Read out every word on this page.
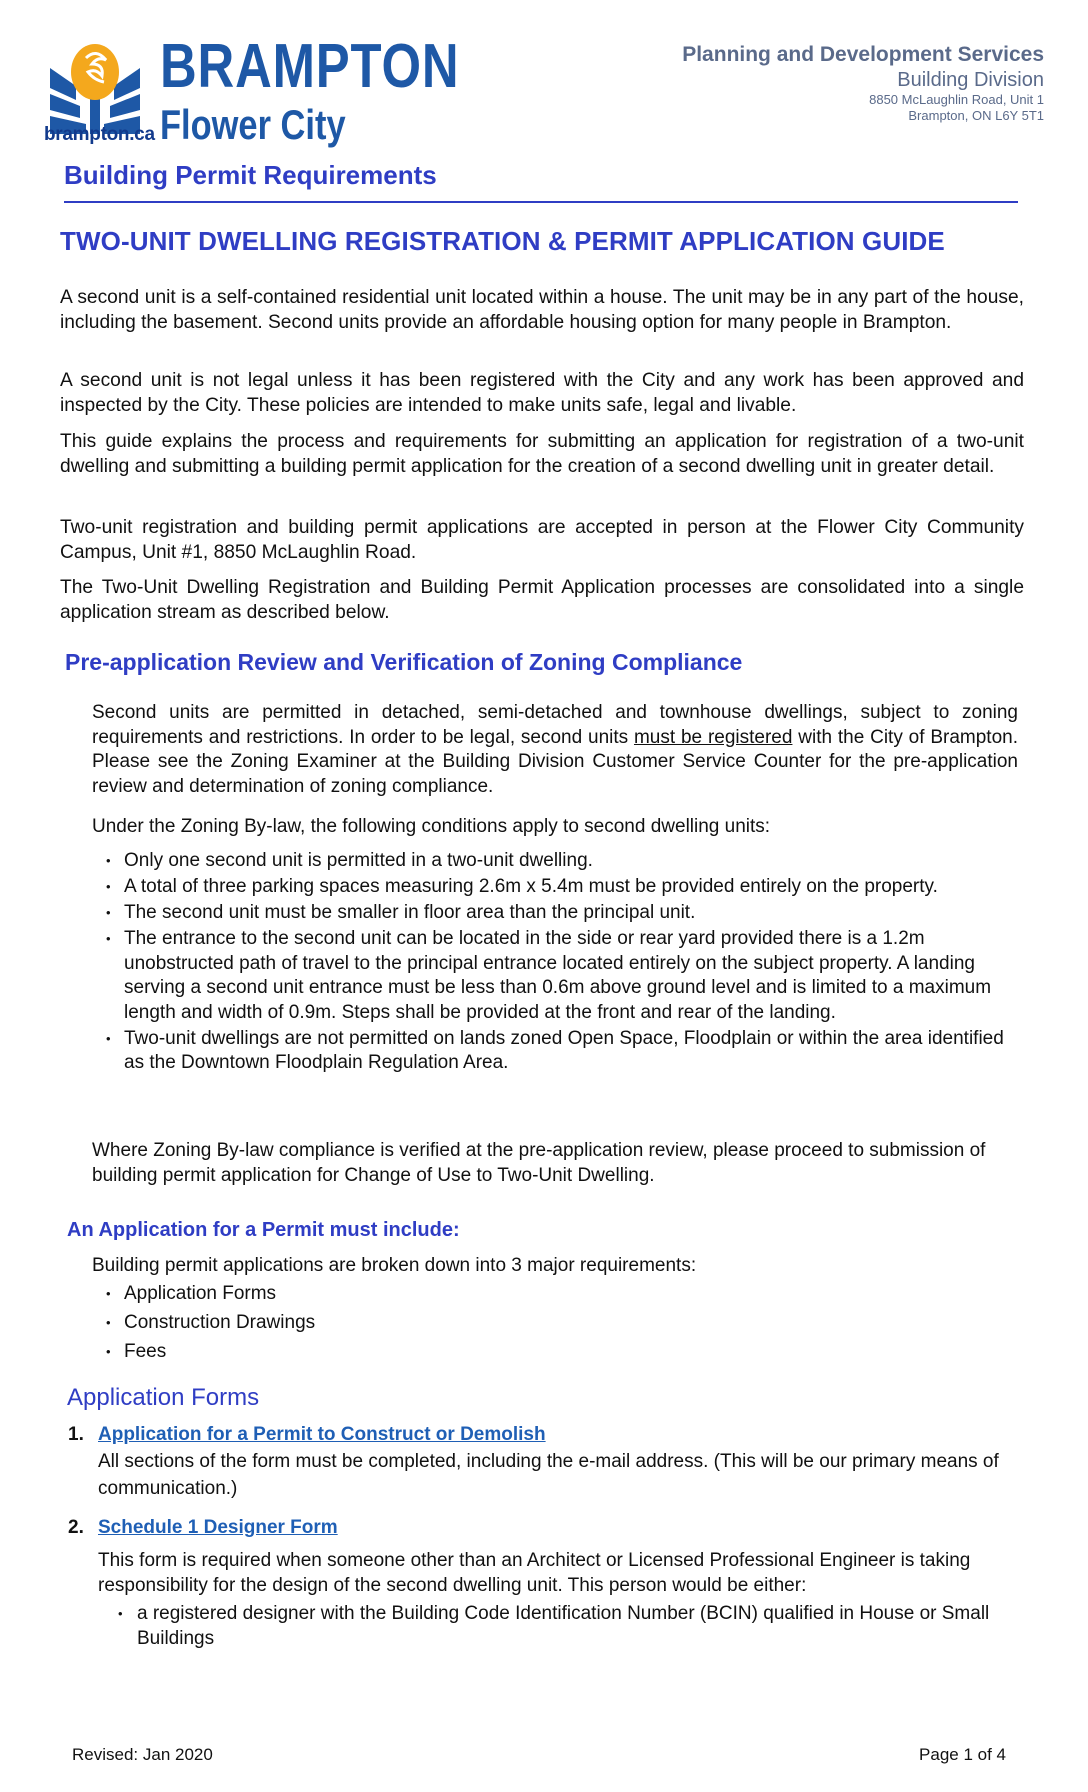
brampton.ca
BRAMPTON
Flower City
Planning and Development Services
Building Division
8850 McLaughlin Road, Unit 1
Brampton, ON L6Y 5T1
Building Permit Requirements
TWO-UNIT DWELLING REGISTRATION & PERMIT APPLICATION GUIDE

A second unit is a self-contained residential unit located within a house. The unit may be in any part of the house, including the basement. Second units provide an affordable housing option for many people in Brampton.

A second unit is not legal unless it has been registered with the City and any work has been approved and inspected by the City. These policies are intended to make units safe, legal and livable.

This guide explains the process and requirements for submitting an application for registration of a two-unit dwelling and submitting a building permit application for the creation of a second dwelling unit in greater detail.

Two-unit registration and building permit applications are accepted in person at the Flower City Community Campus, Unit #1, 8850 McLaughlin Road.

The Two-Unit Dwelling Registration and Building Permit Application processes are consolidated into a single application stream as described below.

Pre-application Review and Verification of Zoning Compliance

Second units are permitted in detached, semi-detached and townhouse dwellings, subject to zoning requirements and restrictions. In order to be legal, second units must be registered with the City of Brampton. Please see the Zoning Examiner at the Building Division Customer Service Counter for the pre-application review and determination of zoning compliance.

Under the Zoning By-law, the following conditions apply to second dwelling units:

• Only one second unit is permitted in a two-unit dwelling.
• A total of three parking spaces measuring 2.6m x 5.4m must be provided entirely on the property.
• The second unit must be smaller in floor area than the principal unit.
• The entrance to the second unit can be located in the side or rear yard provided there is a 1.2m unobstructed path of travel to the principal entrance located entirely on the subject property. A landing serving a second unit entrance must be less than 0.6m above ground level and is limited to a maximum length and width of 0.9m. Steps shall be provided at the front and rear of the landing.
• Two-unit dwellings are not permitted on lands zoned Open Space, Floodplain or within the area identified as the Downtown Floodplain Regulation Area.

Where Zoning By-law compliance is verified at the pre-application review, please proceed to submission of building permit application for Change of Use to Two-Unit Dwelling.

An Application for a Permit must include:
Building permit applications are broken down into 3 major requirements:
• Application Forms
• Construction Drawings
• Fees
Application Forms
1. Application for a Permit to Construct or Demolish
All sections of the form must be completed, including the e-mail address. (This will be our primary means of communication.)
2. Schedule 1 Designer Form
This form is required when someone other than an Architect or Licensed Professional Engineer is taking responsibility for the design of the second dwelling unit. This person would be either:
• a registered designer with the Building Code Identification Number (BCIN) qualified in House or Small Buildings
Revised: Jan 2020	Page 1 of 4
